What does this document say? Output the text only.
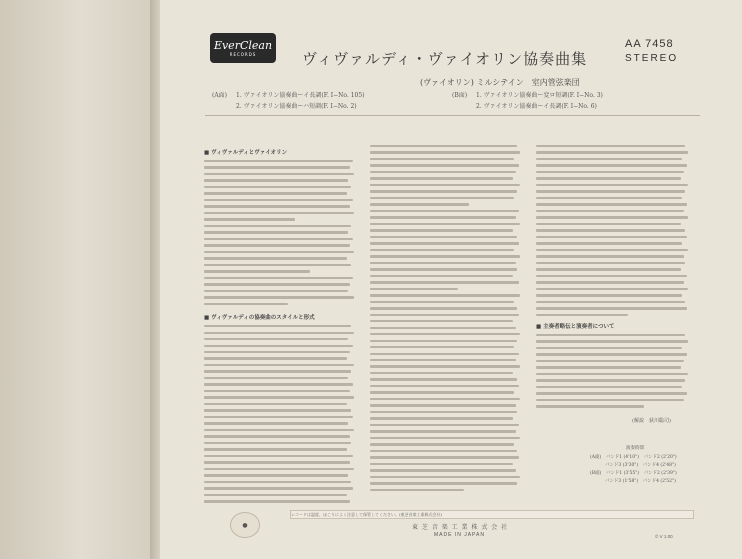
EverClean
RECORDS	ヴィヴァルディ・ヴァイオリン協奏曲集
AA 7458
STEREO
(ヴァイオリン) ミルシテイン　室内管弦楽団
(A面) 1. ヴァイオリン協奏曲ーイ長調(F. I−No. 105)
2. ヴァイオリン協奏曲ーハ短調(F. I−No. 2)
(B面) 1. ヴァイオリン協奏曲ー変ロ短調(F. I−No. 3)
2. ヴァイオリン協奏曲ーイ長調(F. I−No. 6)
■ ヴィヴァルディとヴァイオリン
■ ヴィヴァルディの協奏曲のスタイルと形式
■ 主奏者略伝と演奏者について
(解説　荻川聡司)
演奏時間
(A面)　バンド1 (4'10")　バンド2 (2'20")
　　　 バンド3 (3'30")　バンド4 (2'48")
(B面)　バンド1 (3'55")　バンド2 (2'39")
　　　 バンド3 (1'58")　バンド4 (2'52")
●
レコードは温度、ほこりによく注意して保管してください。(東芝音楽工業株式会社)
東 芝 音 楽 工 業 株 式 会 社
MADE IN JAPAN	© V 1.00
